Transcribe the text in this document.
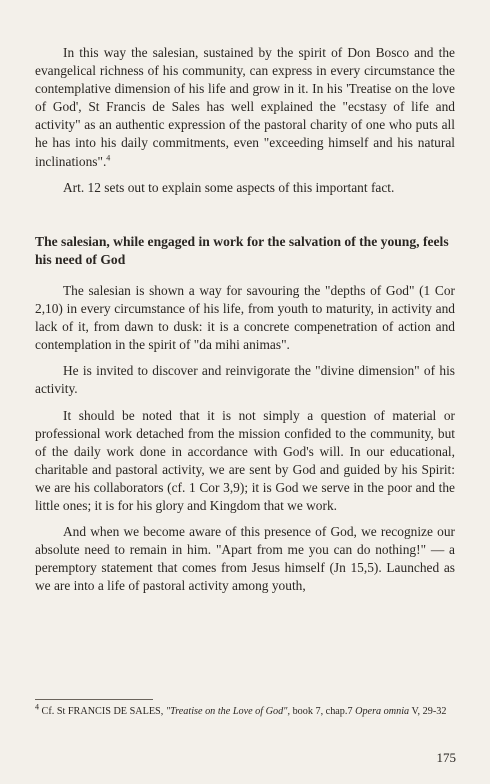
In this way the salesian, sustained by the spirit of Don Bosco and the evangelical richness of his community, can express in every circumstance the contemplative dimension of his life and grow in it. In his 'Treatise on the love of God', St Francis de Sales has well explained the "ecstasy of life and activity" as an authentic expression of the pastoral charity of one who puts all he has into his daily commitments, even "exceeding himself and his natural inclinations".$^4$

Art. 12 sets out to explain some aspects of this important fact.

The salesian, while engaged in work for the salvation of the young, feels his need of God

The salesian is shown a way for savouring the "depths of God" (1 Cor 2,10) in every circumstance of his life, from youth to maturity, in activity and lack of it, from dawn to dusk: it is a concrete compenetration of action and contemplation in the spirit of "da mihi animas".

He is invited to discover and reinvigorate the "divine dimension" of his activity.

It should be noted that it is not simply a question of material or professional work detached from the mission confided to the community, but of the daily work done in accordance with God's will. In our educational, charitable and pastoral activity, we are sent by God and guided by his Spirit: we are his collaborators (cf. 1 Cor 3,9); it is God we serve in the poor and the little ones; it is for his glory and Kingdom that we work.

And when we become aware of this presence of God, we recognize our absolute need to remain in him. "Apart from me you can do nothing!" — a peremptory statement that comes from Jesus himself (Jn 15,5). Launched as we are into a life of pastoral activity among youth,

$^4$ Cf. St FRANCIS DE SALES, "Treatise on the Love of God", book 7, chap.7 Opera omnia V, 29-32

175
